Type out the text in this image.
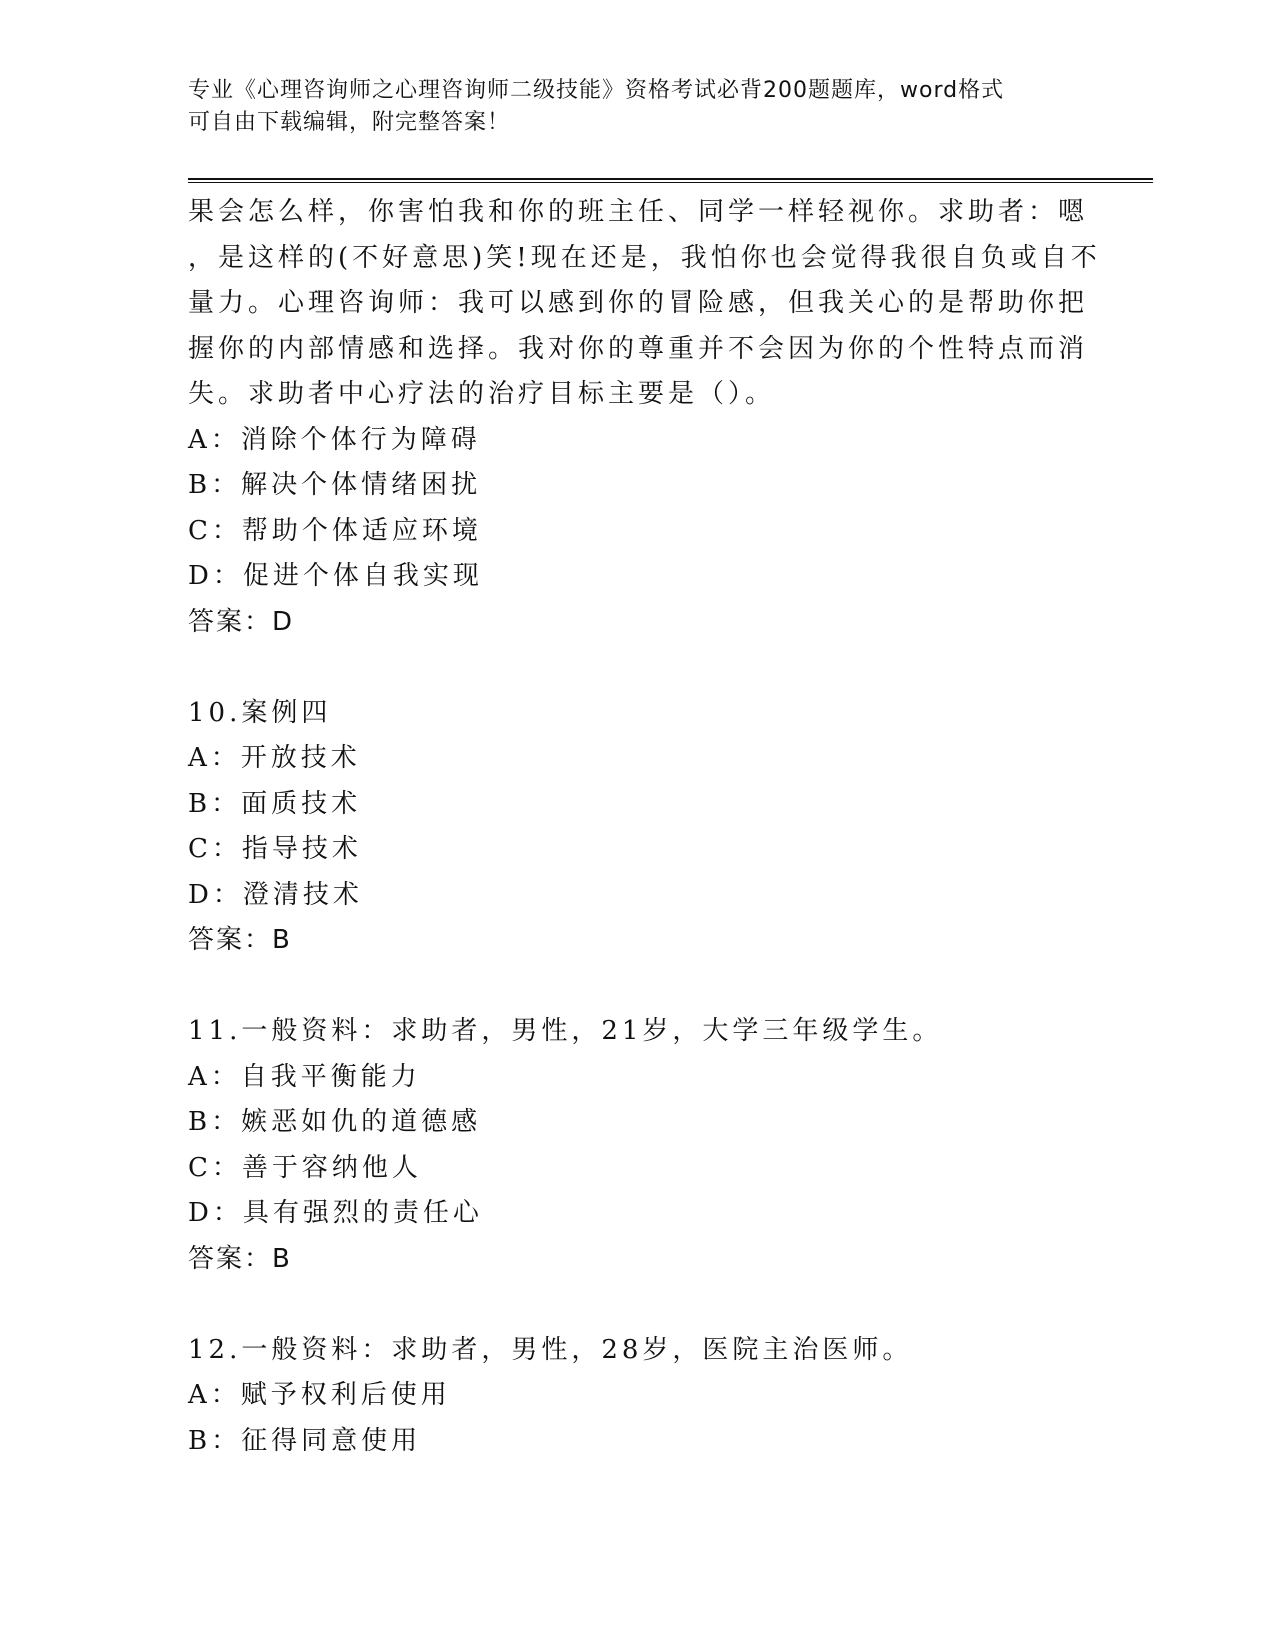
专业《心理咨询师之心理咨询师二级技能》资格考试必背200题题库，word格式
可自由下载编辑，附完整答案！
果会怎么样，你害怕我和你的班主任、同学一样轻视你。求助者：嗯
，是这样的(不好意思)笑!现在还是，我怕你也会觉得我很自负或自不
量力。心理咨询师：我可以感到你的冒险感，但我关心的是帮助你把
握你的内部情感和选择。我对你的尊重并不会因为你的个性特点而消
失。求助者中心疗法的治疗目标主要是（）。
A：消除个体行为障碍
B：解决个体情绪困扰
C：帮助个体适应环境
D：促进个体自我实现
答案：D
10.案例四
A：开放技术
B：面质技术
C：指导技术
D：澄清技术
答案：B
11.一般资料：求助者，男性，21岁，大学三年级学生。
A：自我平衡能力
B：嫉恶如仇的道德感
C：善于容纳他人
D：具有强烈的责任心
答案：B
12.一般资料：求助者，男性，28岁，医院主治医师。
A：赋予权利后使用
B：征得同意使用
